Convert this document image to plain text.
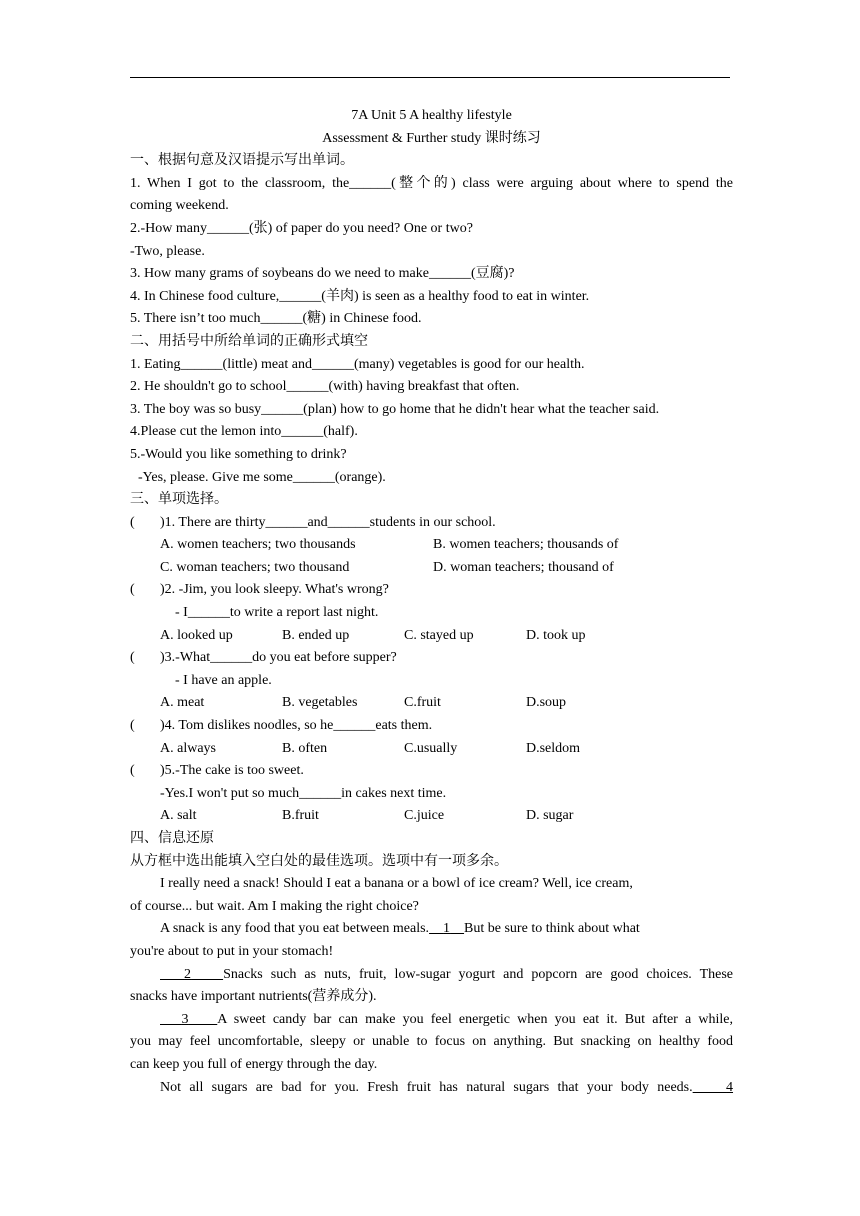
7A Unit 5 A healthy lifestyle
Assessment & Further study 课时练习
一、根据句意及汉语提示写出单词。
1. When I got to the classroom, the______(整个的) class were arguing about where to spend the
coming weekend.
2.-How many______(张) of paper do you need? One or two?
-Two, please.
3. How many grams of soybeans do we need to make______(豆腐)?
4. In Chinese food culture,______(羊肉) is seen as a healthy food to eat in winter.
5. There isn’t too much______(糖) in Chinese food.
二、用括号中所给单词的正确形式填空
1. Eating______(little) meat and______(many) vegetables is good for our health.
2. He shouldn't go to school______(with) having breakfast that often.
3. The boy was so busy______(plan) how to go home that he didn't hear what the teacher said.
4.Please cut the lemon into______(half).
5.-Would you like something to drink?
-Yes, please. Give me some______(orange).
三、单项选择。
(	)1. There are thirty______and______students in our school.
A. women teachers; two thousands	B. women teachers; thousands of
C. woman teachers; two thousand	D. woman teachers; thousand of
(	)2. -Jim, you look sleepy. What's wrong?
- I______to write a report last night.
A. looked up	B. ended up	C. stayed up	D. took up
(	)3.-What______do you eat before supper?
- I have an apple.
A. meat	B. vegetables	C.fruit	D.soup
(	)4. Tom dislikes noodles, so he______eats them.
A. always	B. often	C.usually	D.seldom
(	)5.-The cake is too sweet.
-Yes.I won't put so much______in cakes next time.
A. salt	B.fruit	C.juice	D. sugar
四、信息还原
从方框中选出能填入空白处的最佳选项。选项中有一项多余。
I really need a snack! Should I eat a banana or a bowl of ice cream? Well, ice cream,
of course... but wait. Am I making the right choice?
A snack is any food that you eat between meals. 1 But be sure to think about what
you're about to put in your stomach!
2 Snacks such as nuts, fruit, low-sugar yogurt and popcorn are good choices. These
snacks have important nutrients(营养成分).
3 A sweet candy bar can make you feel energetic when you eat it. But after a while,
you may feel uncomfortable, sleepy or unable to focus on anything. But snacking on healthy food
can keep you full of energy through the day.
Not all sugars are bad for you. Fresh fruit has natural sugars that your body needs. 4
